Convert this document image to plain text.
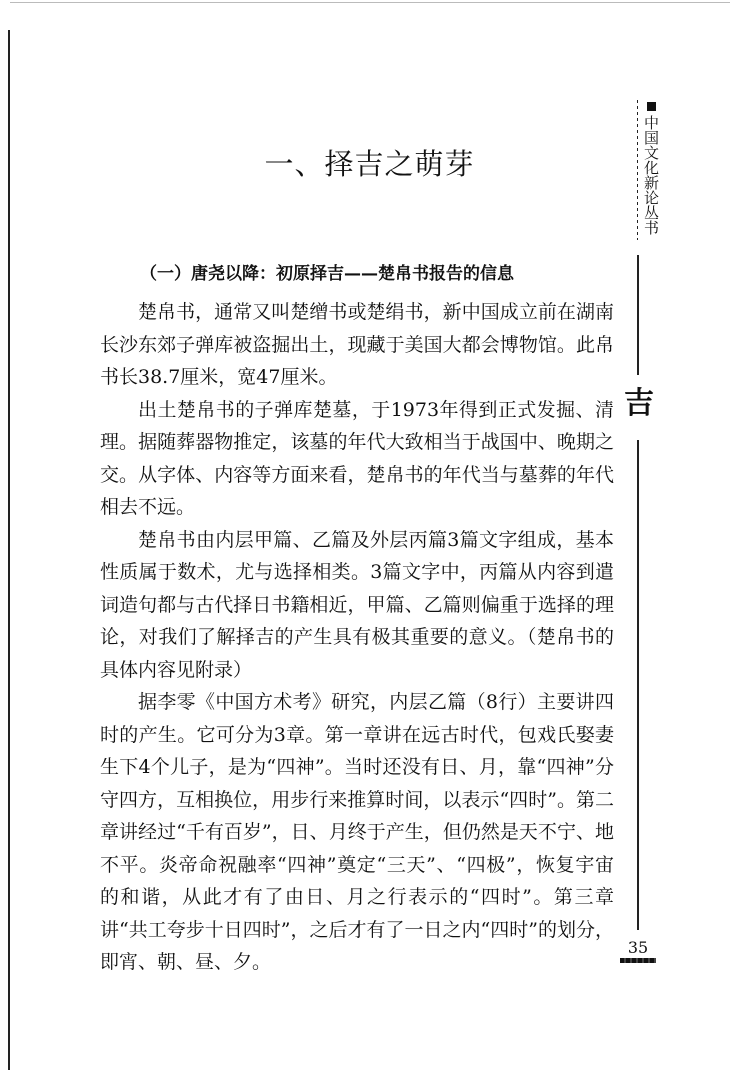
一、择吉之萌芽
（一）唐尧以降：初原择吉——楚帛书报告的信息

楚帛书，通常又叫楚缯书或楚绢书，新中国成立前在湖南长沙东郊子弹库被盗掘出土，现藏于美国大都会博物馆。此帛书长38.7厘米，宽47厘米。

出土楚帛书的子弹库楚墓，于1973年得到正式发掘、清理。据随葬器物推定，该墓的年代大致相当于战国中、晚期之交。从字体、内容等方面来看，楚帛书的年代当与墓葬的年代相去不远。

楚帛书由内层甲篇、乙篇及外层丙篇3篇文字组成，基本性质属于数术，尤与选择相类。3篇文字中，丙篇从内容到遣词造句都与古代择日书籍相近，甲篇、乙篇则偏重于选择的理论，对我们了解择吉的产生具有极其重要的意义。（楚帛书的具体内容见附录）

据李零《中国方术考》研究，内层乙篇（8行）主要讲四时的产生。它可分为3章。第一章讲在远古时代，包戏氏娶妻生下4个儿子，是为“四神”。当时还没有日、月，靠“四神”分守四方，互相换位，用步行来推算时间，以表示“四时”。第二章讲经过“千有百岁”，日、月终于产生，但仍然是天不宁、地不平。炎帝命祝融率“四神”奠定“三天”、“四极”，恢复宇宙的和谐，从此才有了由日、月之行表示的“四时”。第三章讲“共工夸步十日四时”，之后才有了一日之内“四时”的划分，即宵、朝、昼、夕。

中国文化新论丛书
吉
35
